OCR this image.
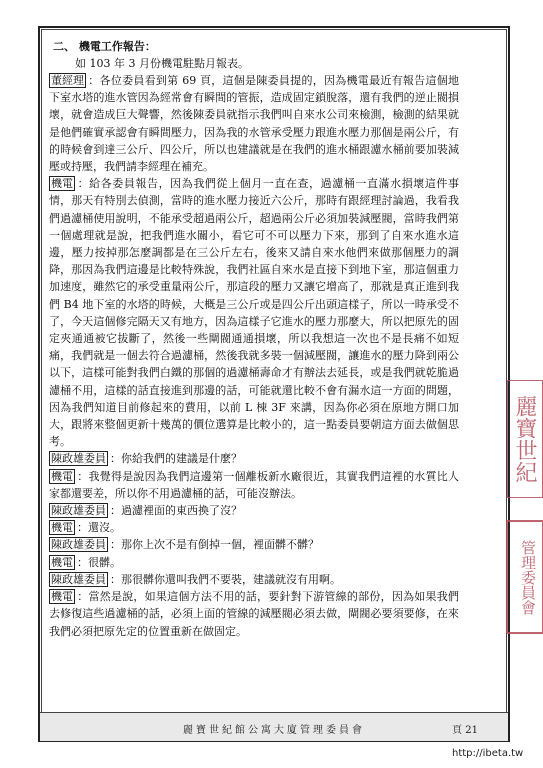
二、 機電工作報告：

如 103 年 3 月份機電駐點月報表。

董經理 ：各位委員看到第 69 頁，這個是陳委員提的，因為機電最近有報告這個地下室水塔的進水管因為經常會有瞬間的管振，造成固定鎖脫落，還有我們的逆止閥損壞，就會造成巨大聲響，然後陳委員就指示我們叫自來水公司來檢測，檢測的結果就是他們確實承認會有瞬間壓力，因為我的水管承受壓力跟進水壓力那個是兩公斤，有的時候會到達三公斤、四公斤，所以也建議就是在我們的進水桶跟濾水桶前要加裝減壓或持壓，我們請李經理在補充。

機電 ：給各委員報告，因為我們從上個月一直在查，過濾桶一直滿水損壞這件事情，那天有特別去偵測，當時的進水壓力接近六公斤，那時有跟經理討論過，我看我們過濾桶使用說明，不能承受超過兩公斤，超過兩公斤必須加裝減壓閥，當時我們第一個處理就是說，把我們進水關小，看它可不可以壓力下來，那到了自來水進水這邊，壓力按掉那怎麼調都是在三公斤左右，後來又請自來水他們來做那個壓力的調降，那因為我們這邊是比較特殊說，我們社區自來水是直接下到地下室，那這個重力加速度，雖然它的承受重量兩公斤，那這段的壓力又讓它增高了，那就是真正進到我們 B4 地下室的水塔的時候，大概是三公斤或是四公斤出頭這樣子，所以一時承受不了，今天這個修完隔天又有地方，因為這樣子它進水的壓力那麼大，所以把原先的固定夾通通被它拔斷了，然後一些閘閥通通損壞，所以我想這一次也不是長痛不如短痛，我們就是一個去符合過濾桶，然後我就多裝一個減壓閥，讓進水的壓力降到兩公以下，這樣可能對我們白鐵的那個的過濾桶壽命才有辦法去延長，或是我們就乾脆過濾桶不用，這樣的話直接進到那邊的話，可能就還比較不會有漏水這一方面的問題，因為我們知道目前修起來的費用，以前 L 棟 3F 來講，因為你必須在原地方開口加大，跟將來整個更新十幾萬的價位選算是比較小的，這一點委員要朝這方面去做個思考。

陳政雄委員 ：你給我們的建議是什麼？

機電 ：我覺得是說因為我們這邊第一個離板新水廠很近，其實我們這裡的水質比人家都還要差，所以你不用過濾桶的話，可能沒辦法。

陳政雄委員 ：過濾裡面的東西換了沒？

機電 ：還沒。

陳政雄委員 ：那你上次不是有倒掉一個，裡面髒不髒？

機電 ：很髒。

陳政雄委員 ：那很髒你還叫我們不要裝，建議就沒有用啊。

機電 ：當然是說，如果這個方法不用的話，要針對下游管線的部份，因為如果我們去修復這些過濾桶的話，必須上面的管線的減壓閥必須去做，閘閥必要須要修，在來我們必須把原先定的位置重新在做固定。

麗寶世紀館公寓大廈管理委員會	頁 21
麗寶世紀
管理委員會
http://ibeta.tw
